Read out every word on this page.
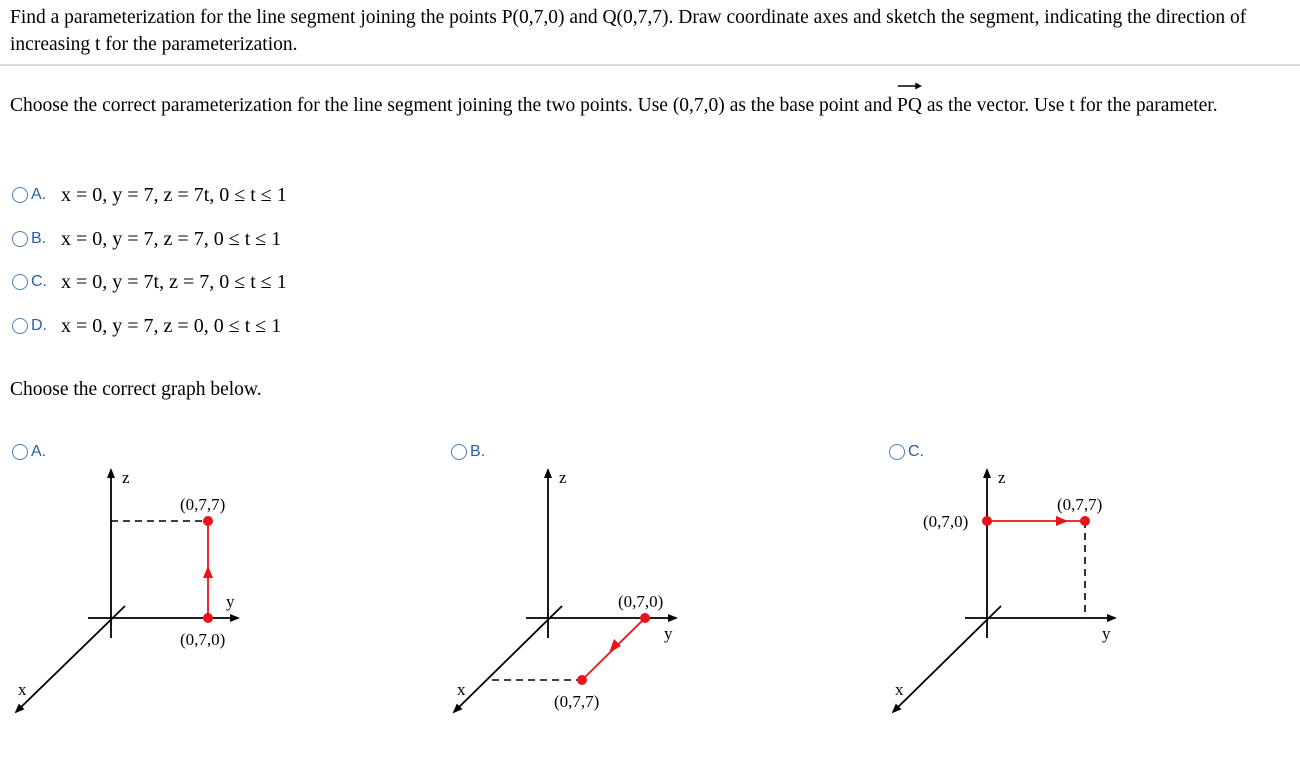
Find a parameterization for the line segment joining the points P(0,7,0) and Q(0,7,7). Draw coordinate axes and sketch the segment, indicating the direction of increasing t for the parameterization.
Choose the correct parameterization for the line segment joining the two points. Use (0,7,0) as the base point and
PQ as the vector. Use t for the parameter.
A. x = 0, y = 7, z = 7t, 0 ≤ t ≤ 1
B. x = 0, y = 7, z = 7, 0 ≤ t ≤ 1
C. x = 0, y = 7t, z = 7, 0 ≤ t ≤ 1
D. x = 0, y = 7, z = 0, 0 ≤ t ≤ 1
Choose the correct graph below.
A.	B.	C.
z
y
x
(0,7,7)
(0,7,0)
z
y
x
(0,7,0)
(0,7,7)
z
y
x
(0,7,0)
(0,7,7)
